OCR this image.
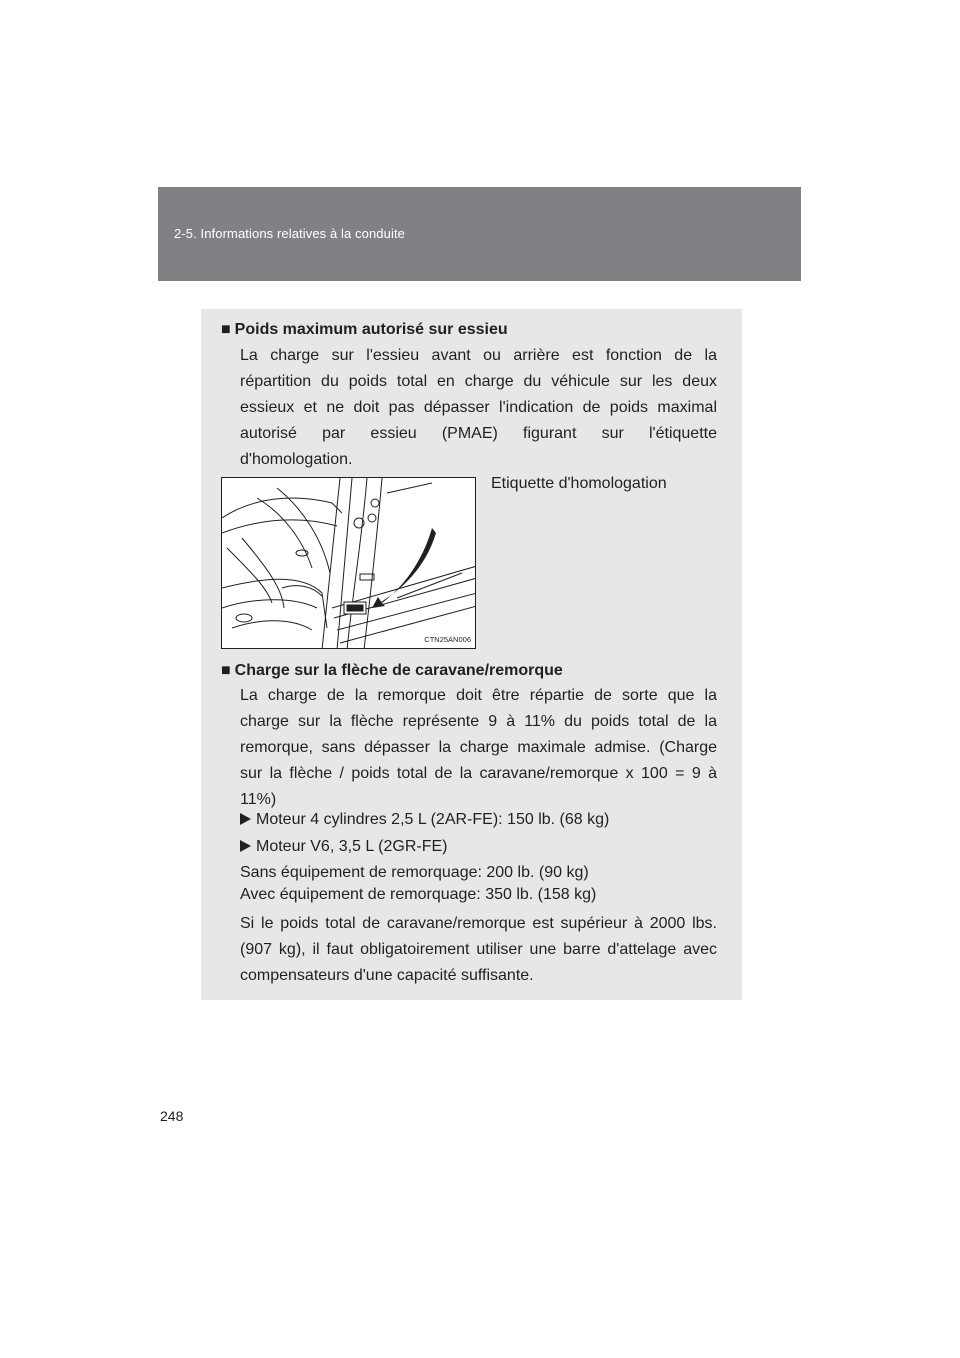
2-5. Informations relatives à la conduite
■ Poids maximum autorisé sur essieu

La charge sur l'essieu avant ou arrière est fonction de la

répartition du poids total en charge du véhicule sur les deux

essieux et ne doit pas dépasser l'indication de poids maximal

autorisé par essieu (PMAE) figurant sur l'étiquette

d'homologation.

CTN25AN006
Etiquette d'homologation
■ Charge sur la flèche de caravane/remorque

La charge de la remorque doit être répartie de sorte que la

charge sur la flèche représente 9 à 11% du poids total de la

remorque, sans dépasser la charge maximale admise. (Charge

sur la flèche / poids total de la caravane/remorque x 100 = 9 à

11%)

Moteur 4 cylindres 2,5 L (2AR-FE): 150 lb. (68 kg)
Moteur V6, 3,5 L (2GR-FE)
Sans équipement de remorquage: 200 lb. (90 kg)
Avec équipement de remorquage: 350 lb. (158 kg)

Si le poids total de caravane/remorque est supérieur à 2000 lbs.

(907 kg), il faut obligatoirement utiliser une barre d'attelage avec

compensateurs d'une capacité suffisante.

248
